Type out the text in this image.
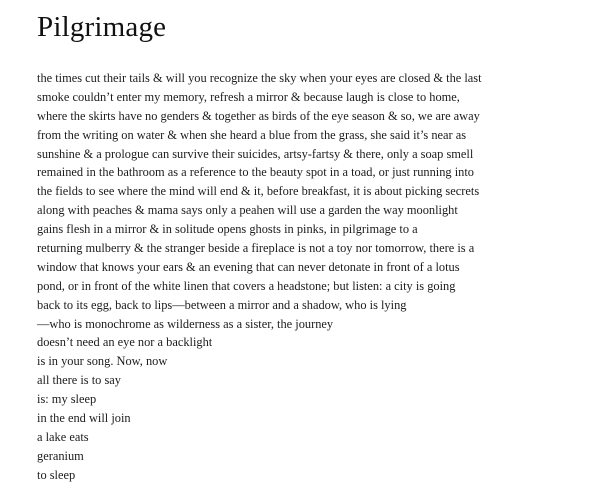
Pilgrimage
the times cut their tails & will you recognize the sky when your eyes are closed & the last
smoke couldn’t enter my memory, refresh a mirror & because laugh is close to home,
where the skirts have no genders & together as birds of the eye season & so, we are away
from the writing on water & when she heard a blue from the grass, she said it’s near as
sunshine & a prologue can survive their suicides, artsy-fartsy & there, only a soap smell
remained in the bathroom as a reference to the beauty spot in a toad, or just running into
the fields to see where the mind will end & it, before breakfast, it is about picking secrets
along with peaches & mama says only a peahen will use a garden the way moonlight
gains flesh in a mirror & in solitude opens ghosts in pinks, in pilgrimage to a
returning mulberry & the stranger beside a fireplace is not a toy nor tomorrow, there is a
window that knows your ears & an evening that can never detonate in front of a lotus
pond, or in front of the white linen that covers a headstone; but listen: a city is going
back to its egg, back to lips—between a mirror and a shadow, who is lying
—who is monochrome as wilderness as a sister, the journey
doesn’t need an eye nor a backlight
is in your song. Now, now
all there is to say
is: my sleep
in the end will join
a lake eats
geranium
to sleep
